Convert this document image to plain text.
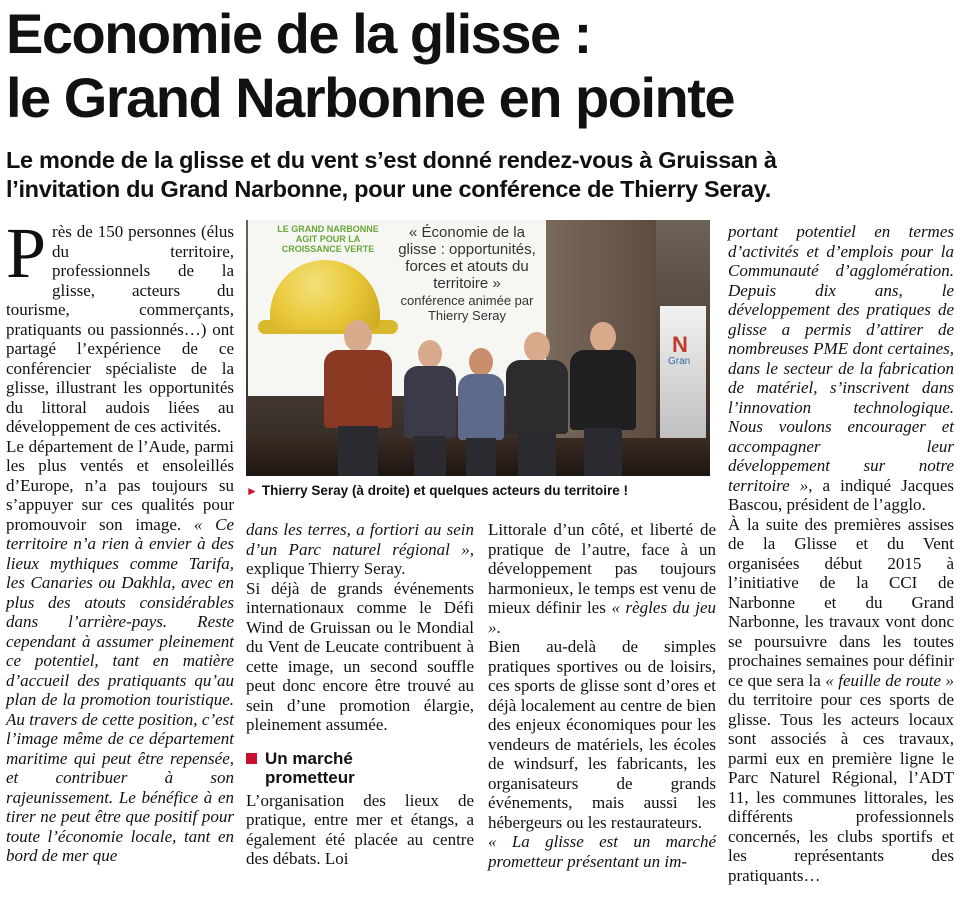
Economie de la glisse :
le Grand Narbonne en pointe
Le monde de la glisse et du vent s’est donné rendez-vous à Gruissan à
l’invitation du Grand Narbonne, pour une conférence de Thierry Seray.

Près de 150 personnes (élus du territoire, professionnels de la glisse, acteurs du tourisme, commerçants, pratiquants ou passionnés…) ont partagé l’expérience de ce conférencier spécialiste de la glisse, illustrant les opportunités du littoral audois liées au développement de ces activités.

Le département de l’Aude, parmi les plus ventés et ensoleillés d’Europe, n’a pas toujours su s’appuyer sur ces qualités pour promouvoir son image. « Ce territoire n’a rien à envier à des lieux mythiques comme Tarifa, les Canaries ou Dakhla, avec en plus des atouts considérables dans l’arrière-pays. Reste cependant à assumer pleinement ce potentiel, tant en matière d’accueil des pratiquants qu’au plan de la promotion touristique. Au travers de cette position, c’est l’image même de ce département maritime qui peut être repensée, et contribuer à son rajeunissement. Le bénéfice à en tirer ne peut être que positif pour toute l’économie locale, tant en bord de mer que

LE GRAND NARBONNE AGIT POUR LA CROISSANCE VERTE
« Économie de la glisse : opportunités, forces et atouts du territoire »
conférence animée par Thierry Seray
N
Gran
► Thierry Seray (à droite) et quelques acteurs du territoire !

dans les terres, a fortiori au sein d’un Parc naturel régional », explique Thierry Seray.

Si déjà de grands événements internationaux comme le Défi Wind de Gruissan ou le Mondial du Vent de Leucate contribuent à cette image, un second souffle peut donc encore être trouvé au sein d’une promotion élargie, pleinement assumée.

Un marché
prometteur

L’organisation des lieux de pratique, entre mer et étangs, a également été placée au centre des débats. Loi

Littorale d’un côté, et liberté de pratique de l’autre, face à un développement pas toujours harmonieux, le temps est venu de mieux définir les « règles du jeu ».

Bien au-delà de simples pratiques sportives ou de loisirs, ces sports de glisse sont d’ores et déjà localement au centre de bien des enjeux économiques pour les vendeurs de matériels, les écoles de windsurf, les fabricants, les organisateurs de grands événements, mais aussi les hébergeurs ou les restaurateurs.

« La glisse est un marché prometteur présentant un im-

portant potentiel en termes d’activités et d’emplois pour la Communauté d’agglomération. Depuis dix ans, le développement des pratiques de glisse a permis d’attirer de nombreuses PME dont certaines, dans le secteur de la fabrication de matériel, s’inscrivent dans l’innovation technologique. Nous voulons encourager et accompagner leur développement sur notre territoire », a indiqué Jacques Bascou, président de l’agglo.

À la suite des premières assises de la Glisse et du Vent organisées début 2015 à l’initiative de la CCI de Narbonne et du Grand Narbonne, les travaux vont donc se poursuivre dans les toutes prochaines semaines pour définir ce que sera la « feuille de route » du territoire pour ces sports de glisse. Tous les acteurs locaux sont associés à ces travaux, parmi eux en première ligne le Parc Naturel Régional, l’ADT 11, les communes littorales, les différents professionnels concernés, les clubs sportifs et les représentants des pratiquants…
